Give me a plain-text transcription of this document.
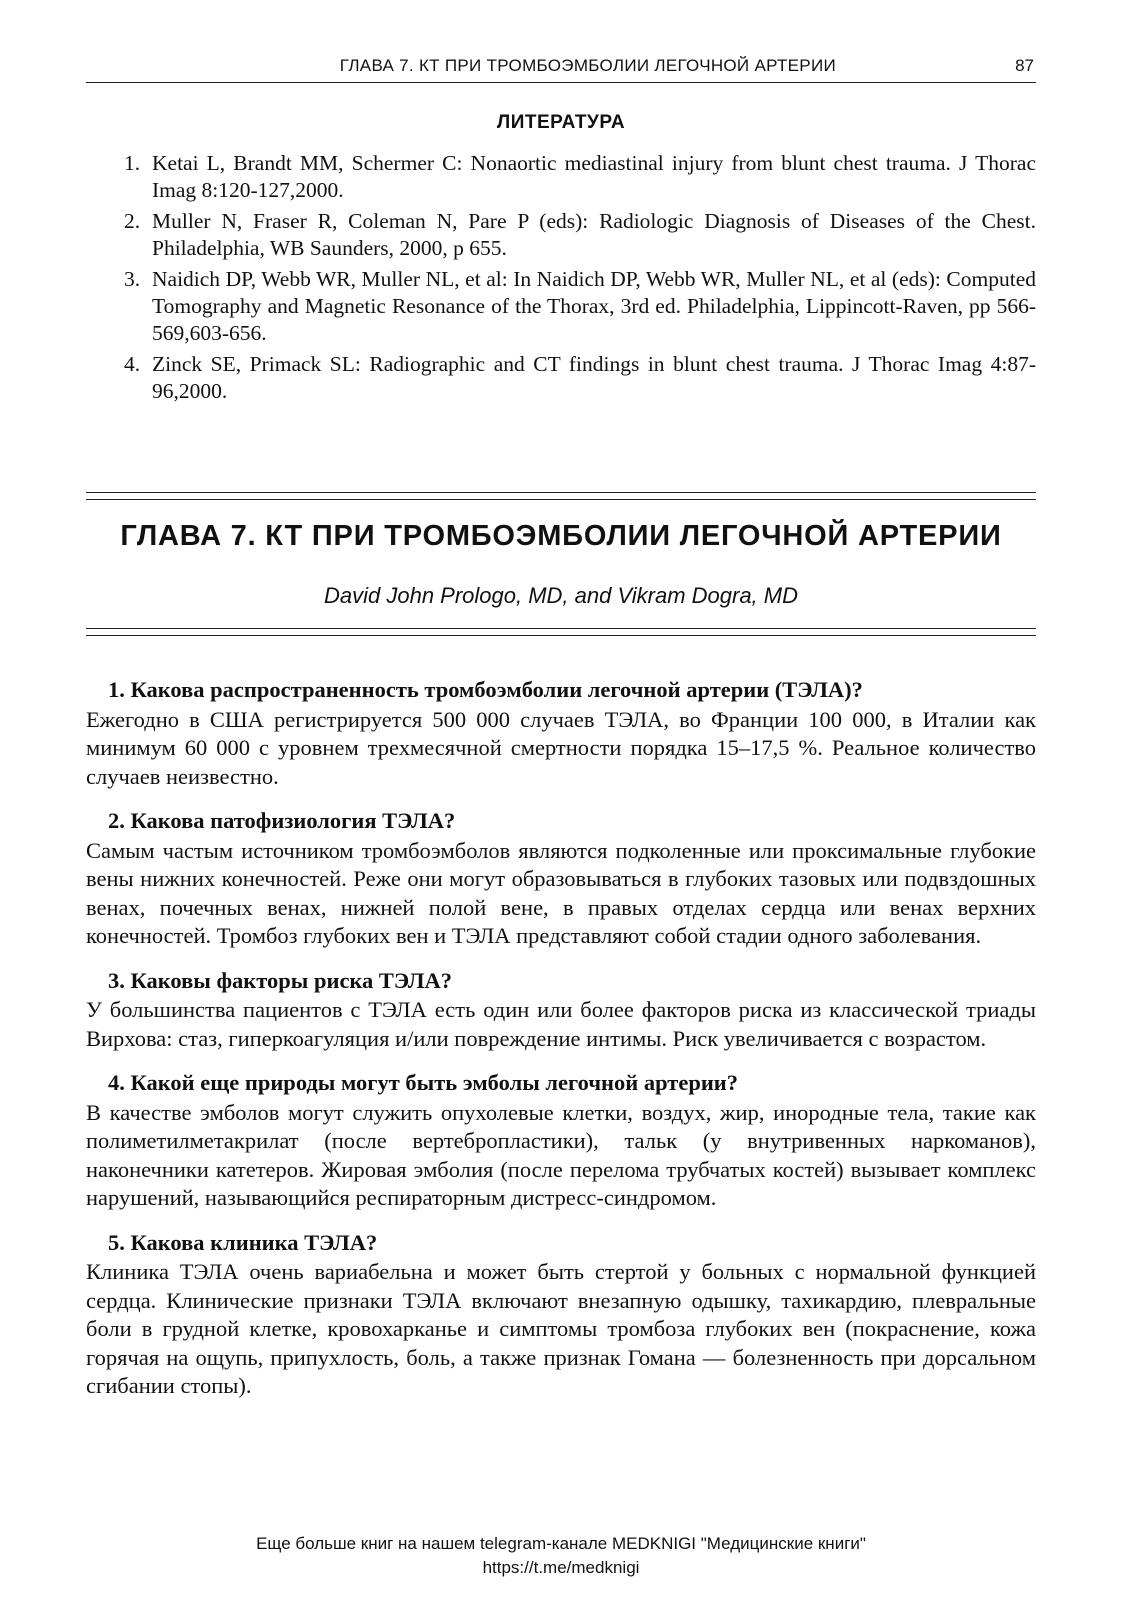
ГЛАВА 7. КТ ПРИ ТРОМБОЭМБОЛИИ ЛЕГОЧНОЙ АРТЕРИИ	87
ЛИТЕРАТУРА
1. Ketai L, Brandt MM, Schermer C: Nonaortic mediastinal injury from blunt chest trauma. J Thorac Imag 8:120-127,2000.
2. Muller N, Fraser R, Coleman N, Pare P (eds): Radiologic Diagnosis of Diseases of the Chest. Philadelphia, WB Saunders, 2000, p 655.
3. Naidich DP, Webb WR, Muller NL, et al: In Naidich DP, Webb WR, Muller NL, et al (eds): Computed Tomography and Magnetic Resonance of the Thorax, 3rd ed. Philadelphia, Lippincott-Raven, pp 566-569,603-656.
4. Zinck SE, Primack SL: Radiographic and CT findings in blunt chest trauma. J Thorac Imag 4:87-96,2000.
ГЛАВА 7. КТ ПРИ ТРОМБОЭМБОЛИИ ЛЕГОЧНОЙ АРТЕРИИ
David John Prologo, MD, and Vikram Dogra, MD
1. Какова распространенность тромбоэмболии легочной артерии (ТЭЛА)?
Ежегодно в США регистрируется 500 000 случаев ТЭЛА, во Франции 100 000, в Италии как минимум 60 000 с уровнем трехмесячной смертности порядка 15–17,5 %. Реальное количество случаев неизвестно.
2. Какова патофизиология ТЭЛА?
Самым частым источником тромбоэмболов являются подколенные или проксимальные глубокие вены нижних конечностей. Реже они могут образовываться в глубоких тазовых или подвздошных венах, почечных венах, нижней полой вене, в правых отделах сердца или венах верхних конечностей. Тромбоз глубоких вен и ТЭЛА представляют собой стадии одного заболевания.
3. Каковы факторы риска ТЭЛА?
У большинства пациентов с ТЭЛА есть один или более факторов риска из классической триады Вирхова: стаз, гиперкоагуляция и/или повреждение интимы. Риск увеличивается с возрастом.
4. Какой еще природы могут быть эмболы легочной артерии?
В качестве эмболов могут служить опухолевые клетки, воздух, жир, инородные тела, такие как полиметилметакрилат (после вертебропластики), тальк (у внутривенных наркоманов), наконечники катетеров. Жировая эмболия (после перелома трубчатых костей) вызывает комплекс нарушений, называющийся респираторным дистресс-синдромом.
5. Какова клиника ТЭЛА?
Клиника ТЭЛА очень вариабельна и может быть стертой у больных с нормальной функцией сердца. Клинические признаки ТЭЛА включают внезапную одышку, тахикардию, плевральные боли в грудной клетке, кровохарканье и симптомы тромбоза глубоких вен (покраснение, кожа горячая на ощупь, припухлость, боль, а также признак Гомана — болезненность при дорсальном сгибании стопы).
Еще больше книг на нашем telegram-канале MEDKNIGI "Медицинские книги"
https://t.me/medknigi
